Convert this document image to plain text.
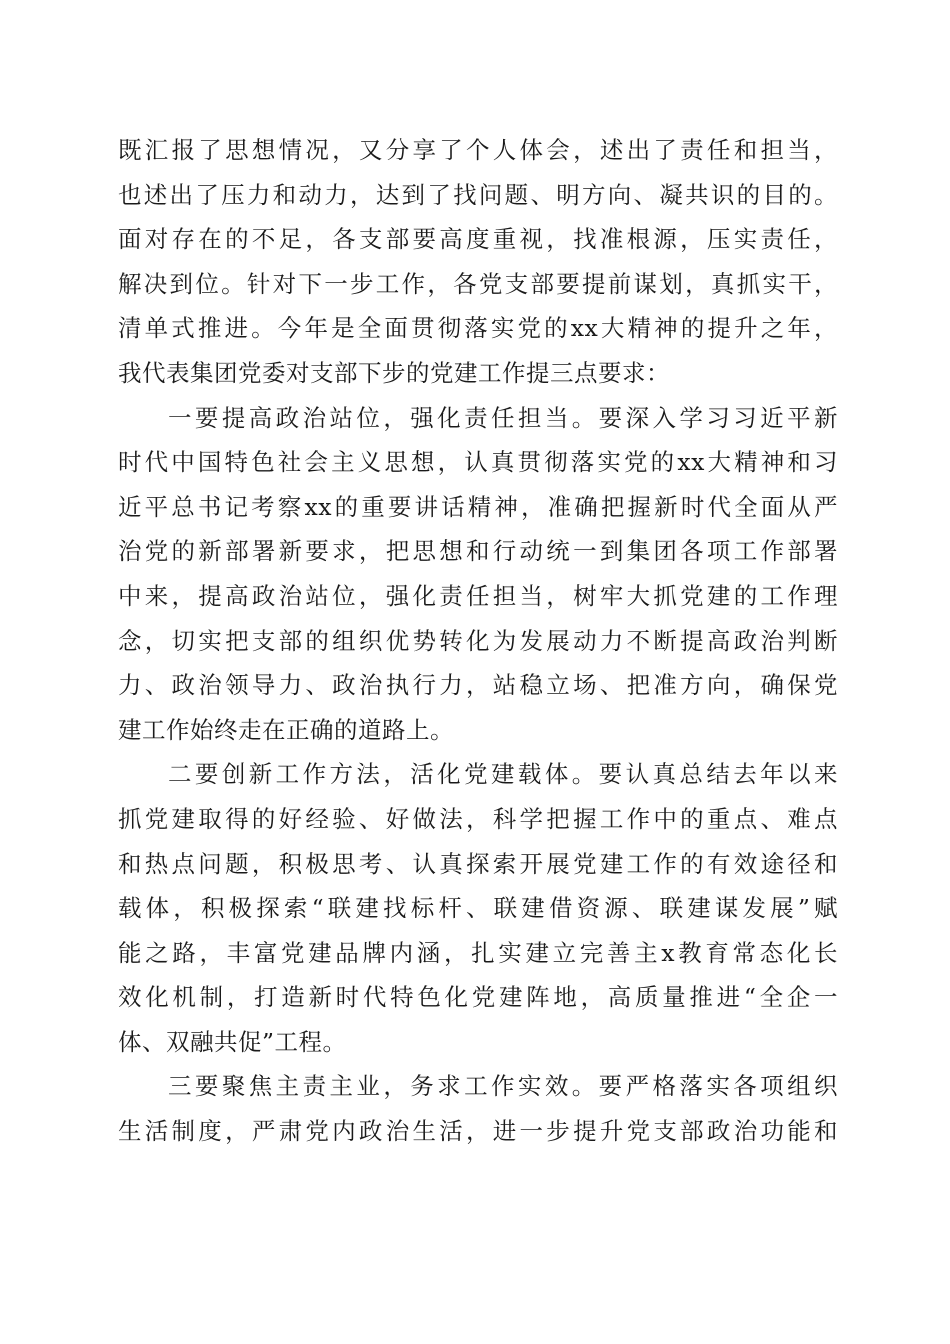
既汇报了思想情况，又分享了个人体会，述出了责任和担当，
也述出了压力和动力，达到了找问题、明方向、凝共识的目的。
面对存在的不足，各支部要高度重视，找准根源，压实责任，
解决到位。针对下一步工作，各党支部要提前谋划，真抓实干，
清单式推进。今年是全面贯彻落实党的xx大精神的提升之年，
我代表集团党委对支部下步的党建工作提三点要求：
一要提高政治站位，强化责任担当。要深入学习习近平新
时代中国特色社会主义思想，认真贯彻落实党的xx大精神和习
近平总书记考察xx的重要讲话精神，准确把握新时代全面从严
治党的新部署新要求，把思想和行动统一到集团各项工作部署
中来，提高政治站位，强化责任担当，树牢大抓党建的工作理
念，切实把支部的组织优势转化为发展动力不断提高政治判断
力、政治领导力、政治执行力，站稳立场、把准方向，确保党
建工作始终走在正确的道路上。
二要创新工作方法，活化党建载体。要认真总结去年以来
抓党建取得的好经验、好做法，科学把握工作中的重点、难点
和热点问题，积极思考、认真探索开展党建工作的有效途径和
载体，积极探索“联建找标杆、联建借资源、联建谋发展”赋
能之路，丰富党建品牌内涵，扎实建立完善主x教育常态化长
效化机制，打造新时代特色化党建阵地，高质量推进“全企一
体、双融共促”工程。
三要聚焦主责主业，务求工作实效。要严格落实各项组织
生活制度，严肃党内政治生活，进一步提升党支部政治功能和
